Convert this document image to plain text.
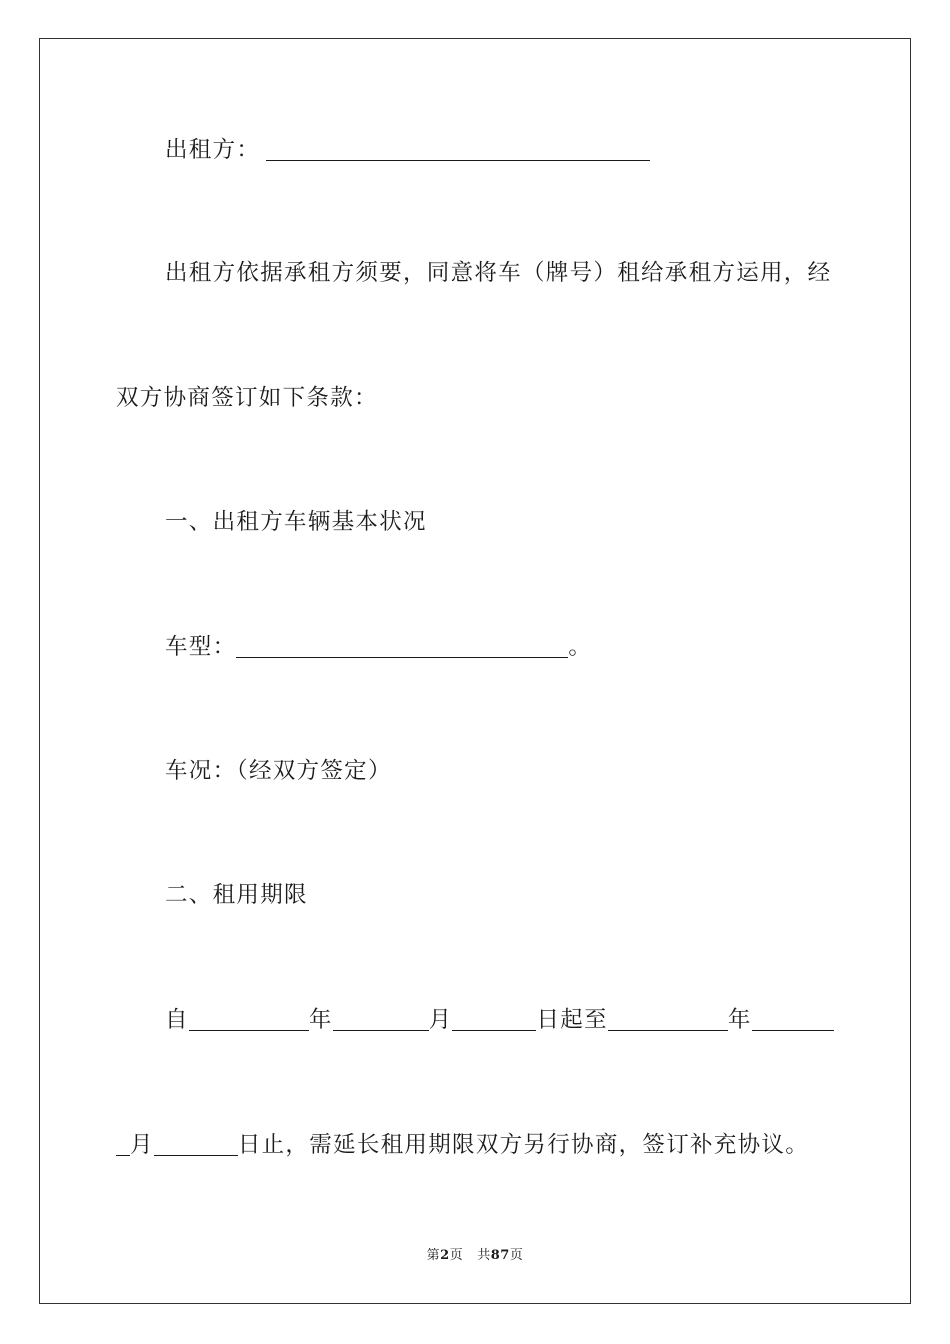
出租方：
出租方依据承租方须要，同意将车（牌号）租给承租方运用，经
双方协商签订如下条款：
一、出租方车辆基本状况
车型：	。
车况：（经双方签定）
二、租用期限
自	年	月	日起至	年
月	日止，需延长租用期限双方另行协商，签订补充协议。
第2页 共87页
